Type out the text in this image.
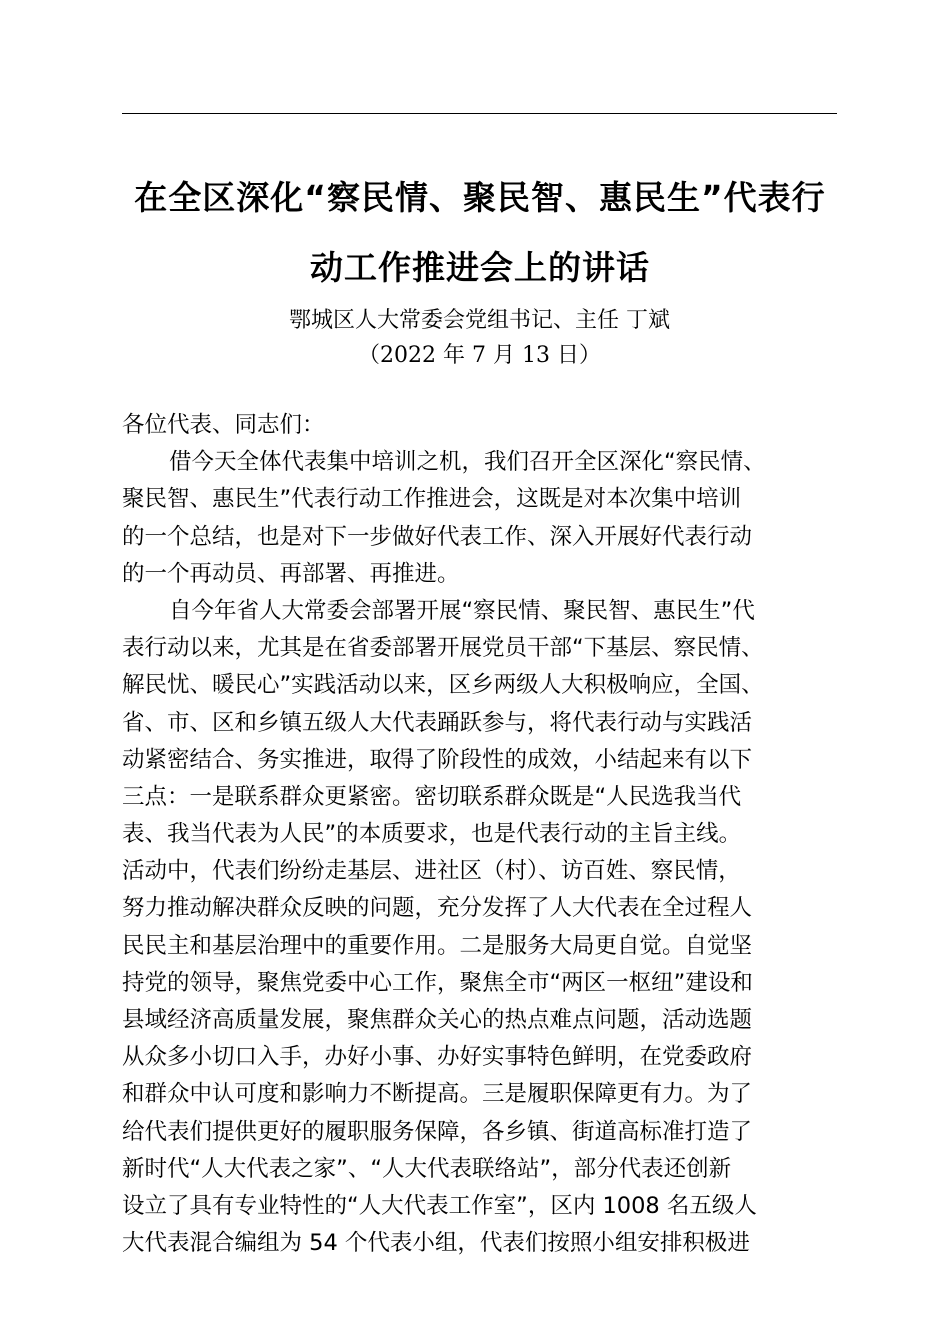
在全区深化“察民情、聚民智、惠民生”代表行
动工作推进会上的讲话
鄂城区人大常委会党组书记、主任 丁斌
（2022 年 7 月 13 日）
各位代表、同志们：
借今天全体代表集中培训之机，我们召开全区深化“察民情、
聚民智、惠民生”代表行动工作推进会，这既是对本次集中培训
的一个总结，也是对下一步做好代表工作、深入开展好代表行动
的一个再动员、再部署、再推进。
自今年省人大常委会部署开展“察民情、聚民智、惠民生”代
表行动以来，尤其是在省委部署开展党员干部“下基层、察民情、
解民忧、暖民心”实践活动以来，区乡两级人大积极响应，全国、
省、市、区和乡镇五级人大代表踊跃参与，将代表行动与实践活
动紧密结合、务实推进，取得了阶段性的成效，小结起来有以下
三点：一是联系群众更紧密。密切联系群众既是“人民选我当代
表、我当代表为人民”的本质要求，也是代表行动的主旨主线。
活动中，代表们纷纷走基层、进社区（村）、访百姓、察民情，
努力推动解决群众反映的问题，充分发挥了人大代表在全过程人
民民主和基层治理中的重要作用。二是服务大局更自觉。自觉坚
持党的领导，聚焦党委中心工作，聚焦全市“两区一枢纽”建设和
县域经济高质量发展，聚焦群众关心的热点难点问题，活动选题
从众多小切口入手，办好小事、办好实事特色鲜明，在党委政府
和群众中认可度和影响力不断提高。三是履职保障更有力。为了
给代表们提供更好的履职服务保障，各乡镇、街道高标准打造了
新时代“人大代表之家”、“人大代表联络站”，部分代表还创新
设立了具有专业特性的“人大代表工作室”，区内 1008 名五级人
大代表混合编组为 54 个代表小组，代表们按照小组安排积极进
